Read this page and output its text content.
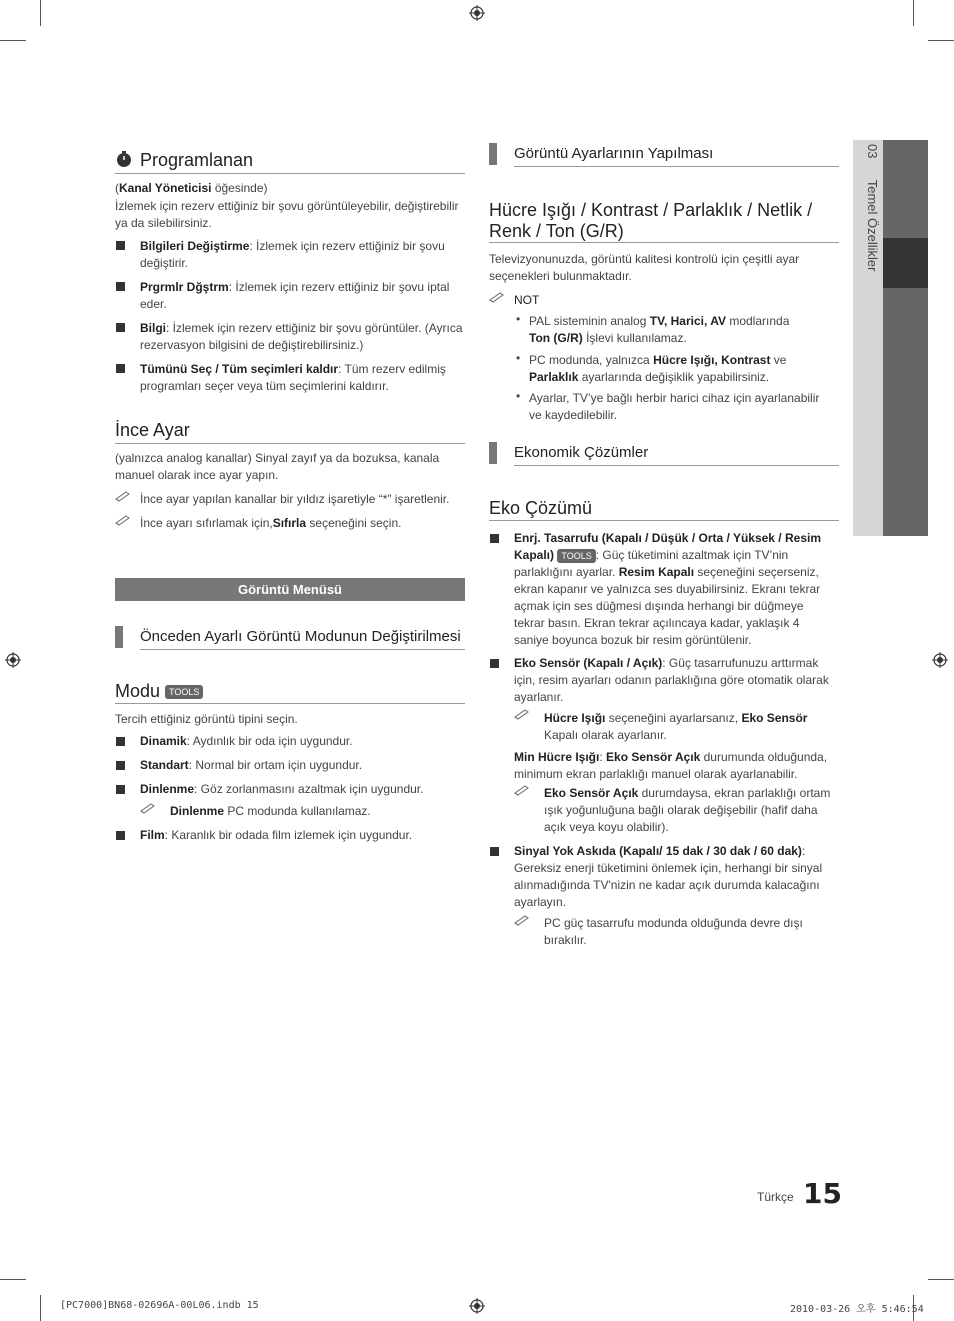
03  Temel Özellikler
Programlanan
(Kanal Yöneticisi öğesinde)
İzlemek için rezerv ettiğiniz bir şovu görüntüleyebilir, değiştirebilir ya da silebilirsiniz.
Bilgileri Değiştirme: İzlemek için rezerv ettiğiniz bir şovu değiştirir.
Prgrmlr Dğştrm: İzlemek için rezerv ettiğiniz bir şovu iptal eder.
Bilgi: İzlemek için rezerv ettiğiniz bir şovu görüntüler. (Ayrıca rezervasyon bilgisini de değiştirebilirsiniz.)
Tümünü Seç / Tüm seçimleri kaldır: Tüm rezerv edilmiş programları seçer veya tüm seçimlerini kaldırır.
İnce Ayar
(yalnızca analog kanallar) Sinyal zayıf ya da bozuksa, kanala manuel olarak ince ayar yapın.
İnce ayar yapılan kanallar bir yıldız işaretiyle “*” işaretlenir.
İnce ayarı sıfırlamak için,Sıfırla seçeneğini seçin.
Görüntü Menüsü
Önceden Ayarlı Görüntü Modunun Değiştirilmesi
Modu TOOLS
Tercih ettiğiniz görüntü tipini seçin.
Dinamik: Aydınlık bir oda için uygundur.
Standart: Normal bir ortam için uygundur.
Dinlenme: Göz zorlanmasını azaltmak için uygundur.
Dinlenme PC modunda kullanılamaz.
Film: Karanlık bir odada film izlemek için uygundur.
Görüntü Ayarlarının Yapılması
Hücre Işığı / Kontrast / Parlaklık / Netlik /
Renk / Ton (G/R)
Televizyonunuzda, görüntü kalitesi kontrolü için çeşitli ayar seçenekleri bulunmaktadır.
NOT
• PAL sisteminin analog TV, Harici, AV modlarında
Ton (G/R) İşlevi kullanılamaz.
• PC modunda, yalnızca Hücre Işığı, Kontrast ve
Parlaklık ayarlarında değişiklik yapabilirsiniz.
• Ayarlar, TV’ye bağlı herbir harici cihaz için ayarlanabilir ve kaydedilebilir.
Ekonomik Çözümler
Eko Çözümü
Enrj. Tasarrufu (Kapalı / Düşük / Orta / Yüksek / Resim Kapalı) TOOLS : Güç tüketimini azaltmak için TV’nin parlaklığını ayarlar. Resim Kapalı seçeneğini seçerseniz, ekran kapanır ve yalnızca ses duyabilirsiniz. Ekranı tekrar açmak için ses düğmesi dışında herhangi bir düğmeye tekrar basın. Ekran tekrar açılıncaya kadar, yaklaşık 4 saniye boyunca bozuk bir resim görüntülenir.
Eko Sensör (Kapalı / Açık): Güç tasarrufunuzu arttırmak için, resim ayarları odanın parlaklığına göre otomatik olarak ayarlanır.
Hücre Işığı seçeneğini ayarlarsanız, Eko Sensör Kapalı olarak ayarlanır.
Min Hücre Işığı: Eko Sensör Açık durumunda olduğunda, minimum ekran parlaklığı manuel olarak ayarlanabilir.
Eko Sensör Açık durumdaysa, ekran parlaklığı ortam ışık yoğunluğuna bağlı olarak değişebilir (hafif daha açık veya koyu olabilir).
Sinyal Yok Askıda (Kapalı/ 15 dak / 30 dak / 60 dak): Gereksiz enerji tüketimini önlemek için, herhangi bir sinyal alınmadığında TV'nizin ne kadar açık durumda kalacağını ayarlayın.
PC güç tasarrufu modunda olduğunda devre dışı bırakılır.
Türkçe 15
[PC7000]BN68-02696A-00L06.indb 15	2010-03-26 오후 5:46:54
